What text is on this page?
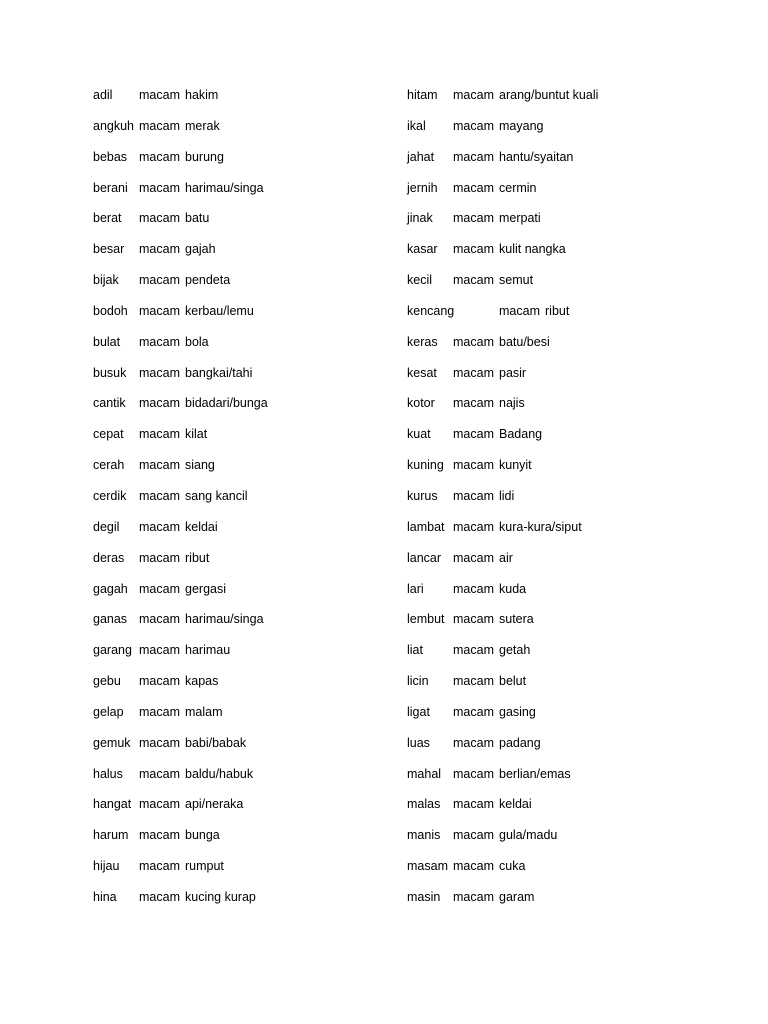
adil macam hakim
angkuh macam merak
bebas macam burung
berani macam harimau/singa
berat macam batu
besar macam gajah
bijak macam pendeta
bodoh macam kerbau/lemu
bulat macam bola
busuk macam bangkai/tahi
cantik macam bidadari/bunga
cepat macam kilat
cerah macam siang
cerdik macam sang kancil
degil macam keldai
deras macam ribut
gagah macam gergasi
ganas macam harimau/singa
garang macam harimau
gebu macam kapas
gelap macam malam
gemuk macam babi/babak
halus macam baldu/habuk
hangat macam api/neraka
harum macam bunga
hijau macam rumput
hina macam kucing kurap
hitam macam arang/buntut kuali
ikal macam mayang
jahat macam hantu/syaitan
jernih macam cermin
jinak macam merpati
kasar macam kulit nangka
kecil macam semut
kencang	macam ribut
keras macam batu/besi
kesat macam pasir
kotor macam najis
kuat macam Badang
kuning macam kunyit
kurus macam lidi
lambat macam kura-kura/siput
lancar macam air
lari macam kuda
lembut macam sutera
liat macam getah
licin macam belut
ligat macam gasing
luas macam padang
mahal macam berlian/emas
malas macam keldai
manis macam gula/madu
masam macam cuka
masin macam garam
